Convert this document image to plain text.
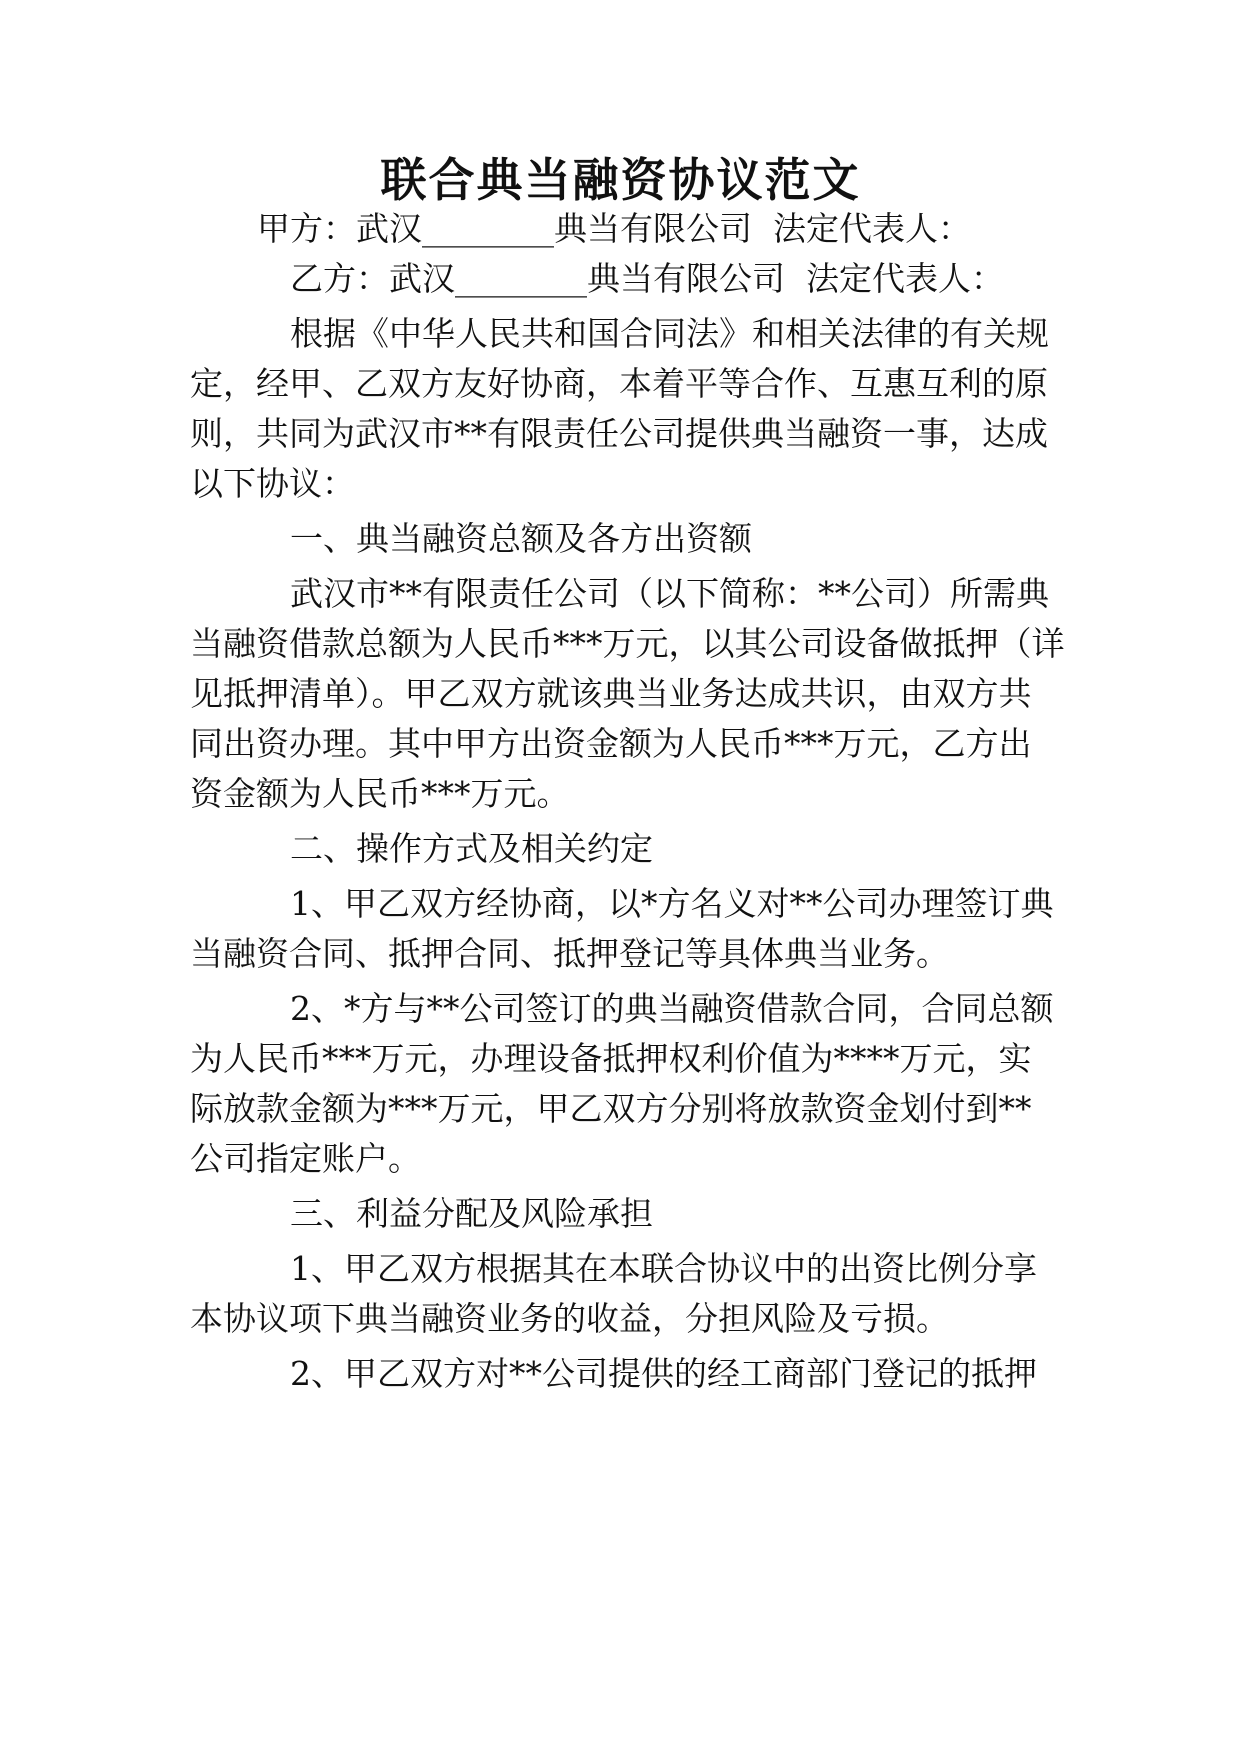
联合典当融资协议范文

甲方：武汉________典当有限公司  法定代表人：

乙方：武汉________典当有限公司  法定代表人：

根据《中华人民共和国合同法》和相关法律的有关规

定，经甲、乙双方友好协商，本着平等合作、互惠互利的原

则，共同为武汉市**有限责任公司提供典当融资一事，达成

以下协议：

一、典当融资总额及各方出资额

武汉市**有限责任公司（以下简称：**公司）所需典

当融资借款总额为人民币***万元，以其公司设备做抵押（详

见抵押清单）。甲乙双方就该典当业务达成共识，由双方共

同出资办理。其中甲方出资金额为人民币***万元，乙方出

资金额为人民币***万元。

二、操作方式及相关约定

1、甲乙双方经协商，以*方名义对**公司办理签订典

当融资合同、抵押合同、抵押登记等具体典当业务。

2、*方与**公司签订的典当融资借款合同，合同总额

为人民币***万元，办理设备抵押权利价值为****万元，实

际放款金额为***万元，甲乙双方分别将放款资金划付到**

公司指定账户。

三、利益分配及风险承担

1、甲乙双方根据其在本联合协议中的出资比例分享

本协议项下典当融资业务的收益，分担风险及亏损。

2、甲乙双方对**公司提供的经工商部门登记的抵押
